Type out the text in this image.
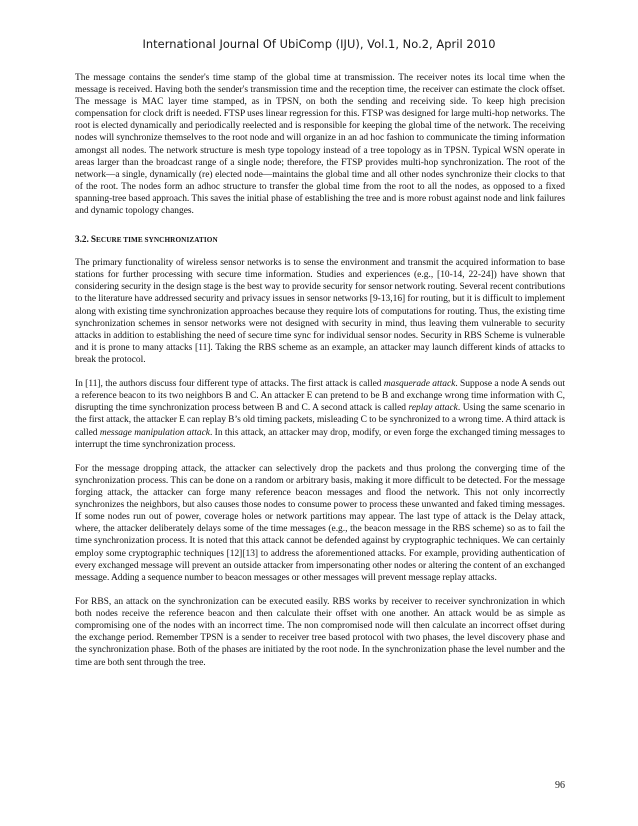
International Journal Of UbiComp (IJU), Vol.1, No.2, April 2010

The message contains the sender's time stamp of the global time at transmission. The receiver notes its local time when the message is received. Having both the sender's transmission time and the reception time, the receiver can estimate the clock offset. The message is MAC layer time stamped, as in TPSN, on both the sending and receiving side. To keep high precision compensation for clock drift is needed. FTSP uses linear regression for this. FTSP was designed for large multi-hop networks. The root is elected dynamically and periodically reelected and is responsible for keeping the global time of the network. The receiving nodes will synchronize themselves to the root node and will organize in an ad hoc fashion to communicate the timing information amongst all nodes. The network structure is mesh type topology instead of a tree topology as in TPSN. Typical WSN operate in areas larger than the broadcast range of a single node; therefore, the FTSP provides multi-hop synchronization. The root of the network—a single, dynamically (re) elected node—maintains the global time and all other nodes synchronize their clocks to that of the root. The nodes form an adhoc structure to transfer the global time from the root to all the nodes, as opposed to a fixed spanning-tree based approach. This saves the initial phase of establishing the tree and is more robust against node and link failures and dynamic topology changes.

3.2. SECURE TIME SYNCHRONIZATION

The primary functionality of wireless sensor networks is to sense the environment and transmit the acquired information to base stations for further processing with secure time information. Studies and experiences (e.g., [10-14, 22-24]) have shown that considering security in the design stage is the best way to provide security for sensor network routing. Several recent contributions to the literature have addressed security and privacy issues in sensor networks [9-13,16] for routing, but it is difficult to implement along with existing time synchronization approaches because they require lots of computations for routing. Thus, the existing time synchronization schemes in sensor networks were not designed with security in mind, thus leaving them vulnerable to security attacks in addition to establishing the need of secure time sync for individual sensor nodes. Security in RBS Scheme is vulnerable and it is prone to many attacks [11]. Taking the RBS scheme as an example, an attacker may launch different kinds of attacks to break the protocol.

In [11], the authors discuss four different type of attacks. The first attack is called masquerade attack. Suppose a node A sends out a reference beacon to its two neighbors B and C. An attacker E can pretend to be B and exchange wrong time information with C, disrupting the time synchronization process between B and C. A second attack is called replay attack. Using the same scenario in the first attack, the attacker E can replay B’s old timing packets, misleading C to be synchronized to a wrong time. A third attack is called message manipulation attack. In this attack, an attacker may drop, modify, or even forge the exchanged timing messages to interrupt the time synchronization process.

For the message dropping attack, the attacker can selectively drop the packets and thus prolong the converging time of the synchronization process. This can be done on a random or arbitrary basis, making it more difficult to be detected. For the message forging attack, the attacker can forge many reference beacon messages and flood the network. This not only incorrectly synchronizes the neighbors, but also causes those nodes to consume power to process these unwanted and faked timing messages. If some nodes run out of power, coverage holes or network partitions may appear. The last type of attack is the Delay attack, where, the attacker deliberately delays some of the time messages (e.g., the beacon message in the RBS scheme) so as to fail the time synchronization process. It is noted that this attack cannot be defended against by cryptographic techniques. We can certainly employ some cryptographic techniques [12][13] to address the aforementioned attacks. For example, providing authentication of every exchanged message will prevent an outside attacker from impersonating other nodes or altering the content of an exchanged message. Adding a sequence number to beacon messages or other messages will prevent message replay attacks.

For RBS, an attack on the synchronization can be executed easily. RBS works by receiver to receiver synchronization in which both nodes receive the reference beacon and then calculate their offset with one another. An attack would be as simple as compromising one of the nodes with an incorrect time. The non compromised node will then calculate an incorrect offset during the exchange period. Remember TPSN is a sender to receiver tree based protocol with two phases, the level discovery phase and the synchronization phase. Both of the phases are initiated by the root node. In the synchronization phase the level number and the time are both sent through the tree.

96
